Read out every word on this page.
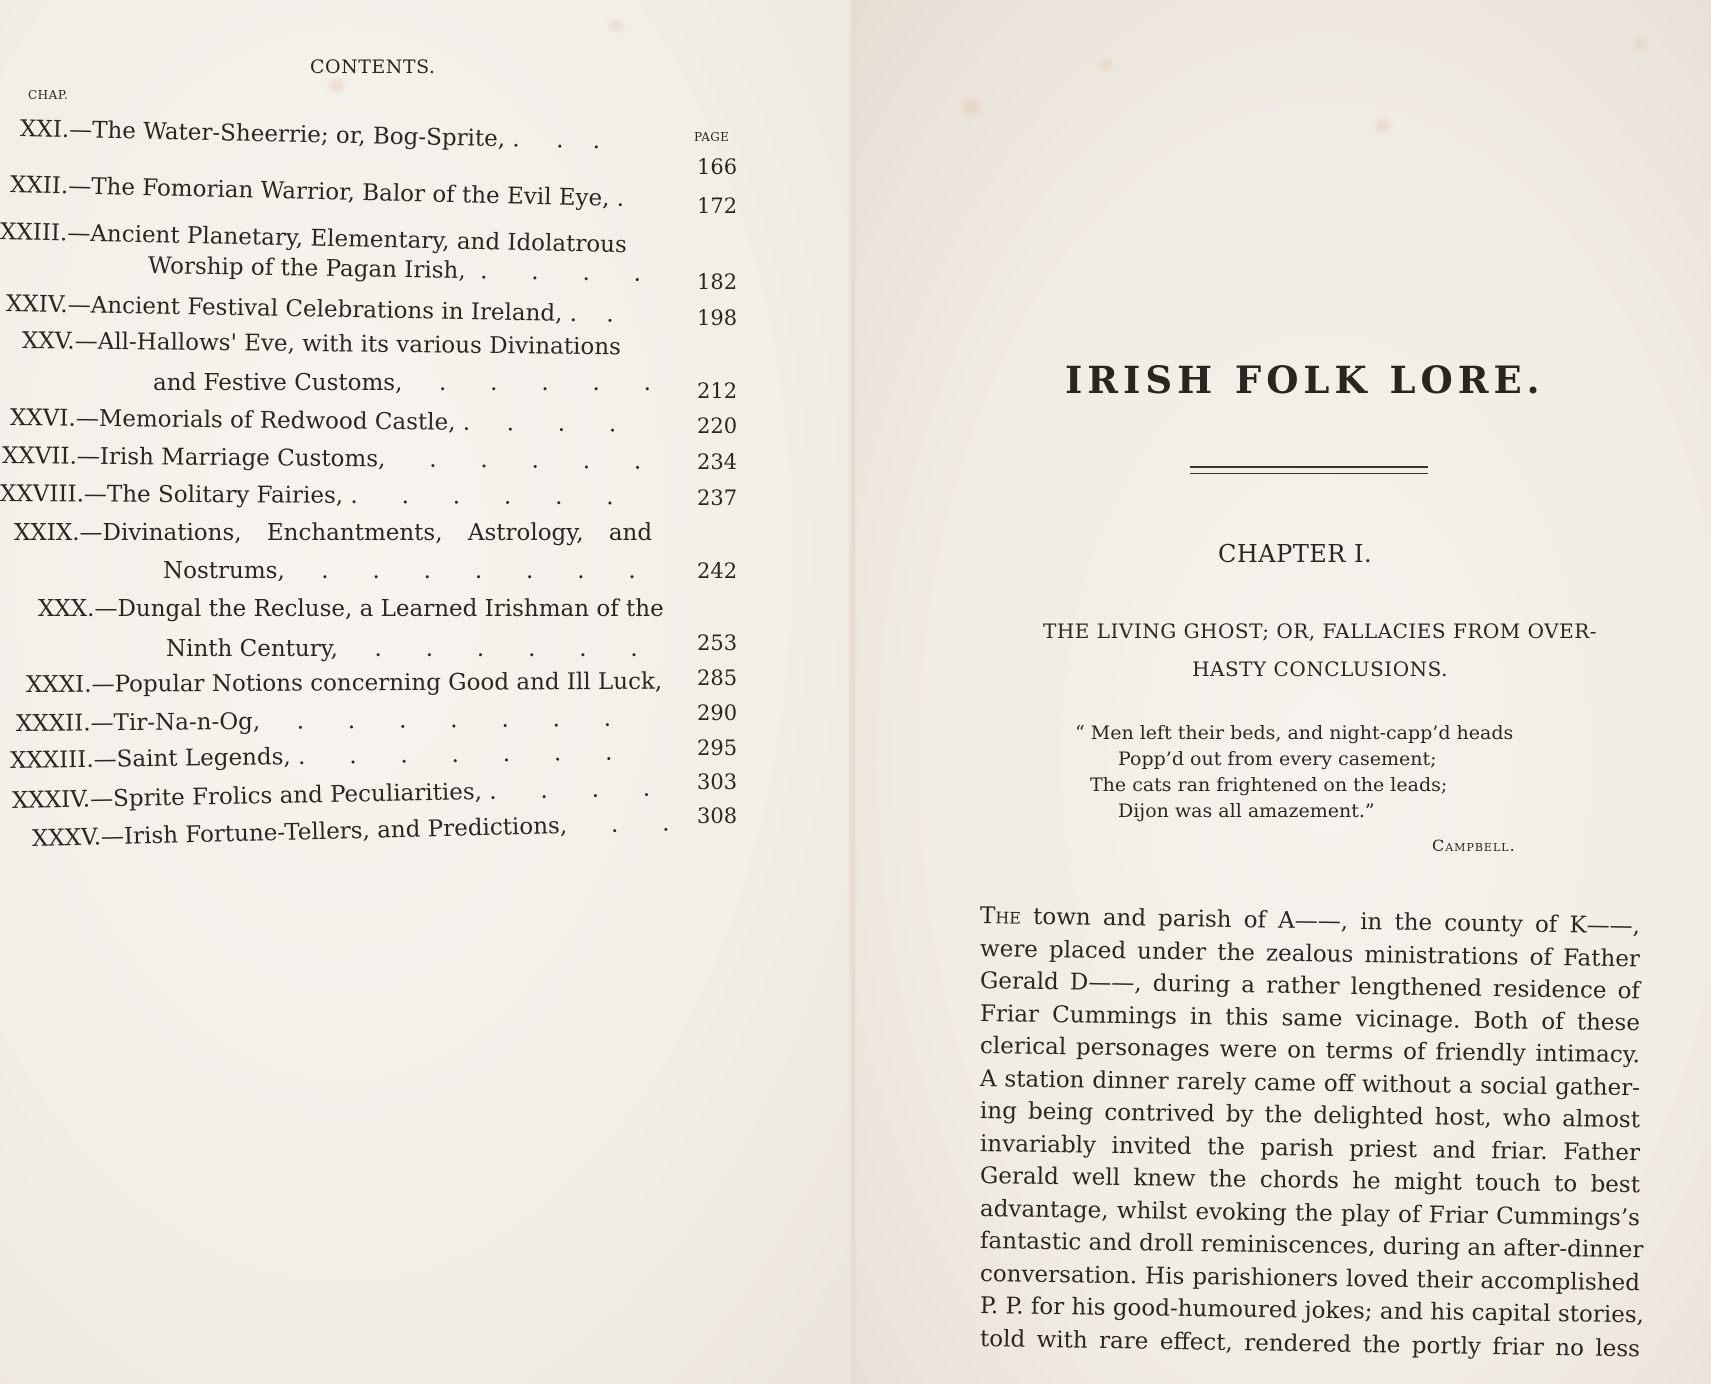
CONTENTS.
CHAP.
PAGE
XXI.—The Water-Sheerrie; or, Bog-Sprite, .     .    .
166
XXII.—The Fomorian Warrior, Balor of the Evil Eye, .	172
XXIII.—Ancient Planetary, Elementary, and Idolatrous
Worship of the Pagan Irish,  .      .      .      .	182
XXIV.—Ancient Festival Celebrations in Ireland, .    .	198
XXV.—All-Hallows' Eve, with its various Divinations
and Festive Customs,     .      .      .      .      . 212
XXVI.—Memorials of Redwood Castle, .     .      .      .	220
XXVII.—Irish Marriage Customs,      .      .      .      .      .	234
XXVIII.—The Solitary Fairies, .      .      .      .      .      .	237
XXIX.—Divinations, Enchantments, Astrology, and
Nostrums,     .      .      .      .      .      .      .	242
XXX.—Dungal the Recluse, a Learned Irishman of the
Ninth Century,     .      .      .      .      .      .	253
XXXI.—Popular Notions concerning Good and Ill Luck, 285
XXXII.—Tir-Na-n-Og,     .      .      .      .      .      .      .	290
XXXIII.—Saint Legends, .      .      .      .      .      .      .	295
XXXIV.—Sprite Frolics and Peculiarities, .      .      .      . 303
XXXV.—Irish Fortune-Tellers, and Predictions,      .      . 308
IRISH FOLK LORE.
CHAPTER I.
THE LIVING GHOST; OR, FALLACIES FROM OVER-
HASTY CONCLUSIONS.
“ Men left their beds, and night-capp’d heads
Popp’d out from every casement;
The cats ran frightened on the leads;
Dijon was all amazement.”
Campbell.
The town and parish of A——, in the county of K——,
were placed under the zealous ministrations of Father
Gerald D——, during a rather lengthened residence of
Friar Cummings in this same vicinage. Both of these
clerical personages were on terms of friendly intimacy.
A station dinner rarely came off without a social gather-
ing being contrived by the delighted host, who almost
invariably invited the parish priest and friar. Father
Gerald well knew the chords he might touch to best
advantage, whilst evoking the play of Friar Cummings’s
fantastic and droll reminiscences, during an after-dinner
conversation. His parishioners loved their accomplished
P. P. for his good-humoured jokes; and his capital stories,
told with rare effect, rendered the portly friar no less
